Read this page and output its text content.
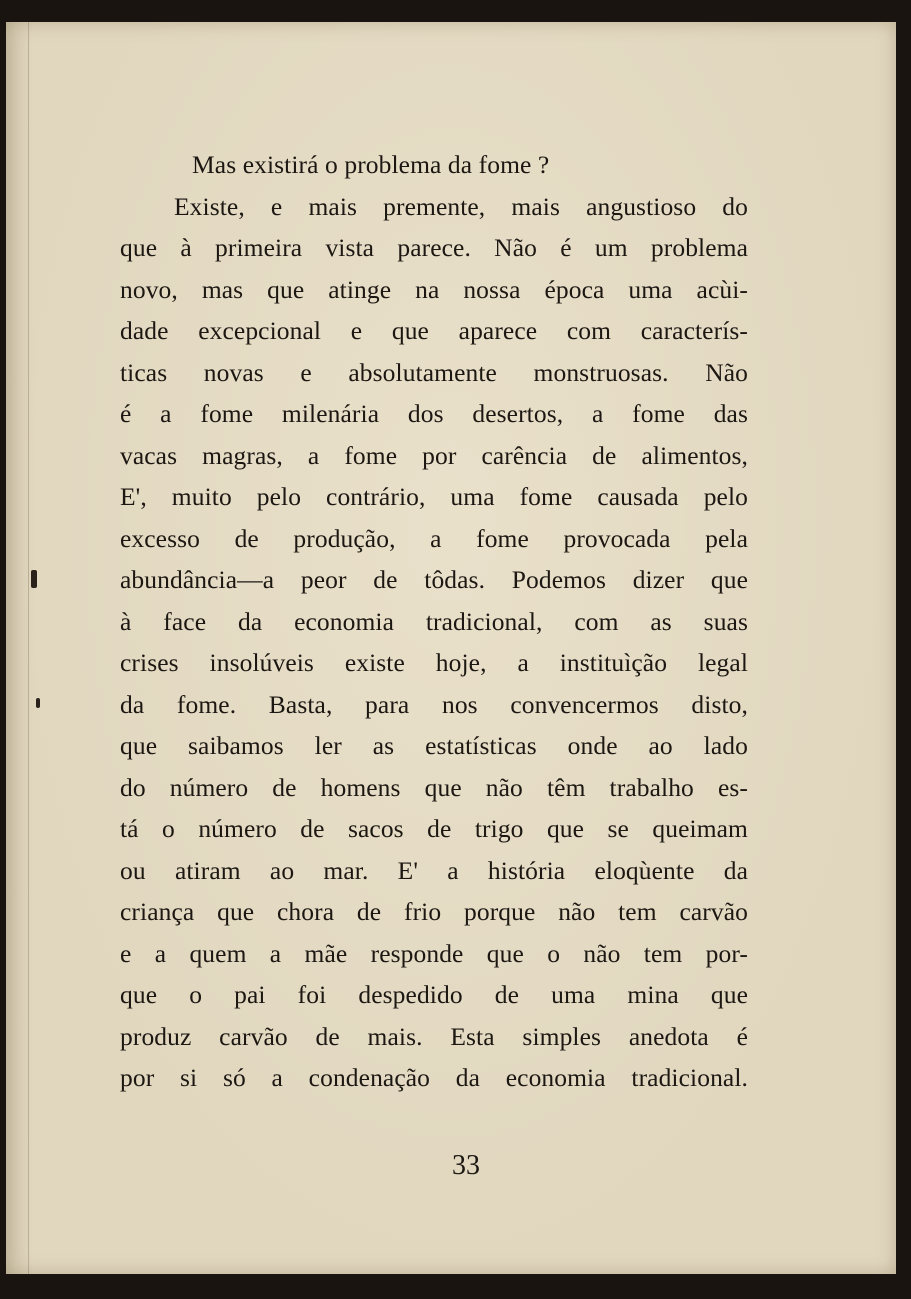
Mas existirá o problema da fome ?
Existe, e mais premente, mais angustioso do
que à primeira vista parece. Não é um problema
novo, mas que atinge na nossa época uma acùi-
dade excepcional e que aparece com caracterís-
ticas novas e absolutamente monstruosas. Não
é a fome milenária dos desertos, a fome das
vacas magras, a fome por carência de alimentos,
E', muito pelo contrário, uma fome causada pelo
excesso de produção, a fome provocada pela
abundância—a peor de tôdas. Podemos dizer que
à face da economia tradicional, com as suas
crises insolúveis existe hoje, a instituìção legal
da fome. Basta, para nos convencermos disto,
que saibamos ler as estatísticas onde ao lado
do número de homens que não têm trabalho es-
tá o número de sacos de trigo que se queimam
ou atiram ao mar. E' a história eloqùente da
criança que chora de frio porque não tem carvão
e a quem a mãe responde que o não tem por-
que o pai foi despedido de uma mina que
produz carvão de mais. Esta simples anedota é
por si só a condenação da economia tradicional.
33
